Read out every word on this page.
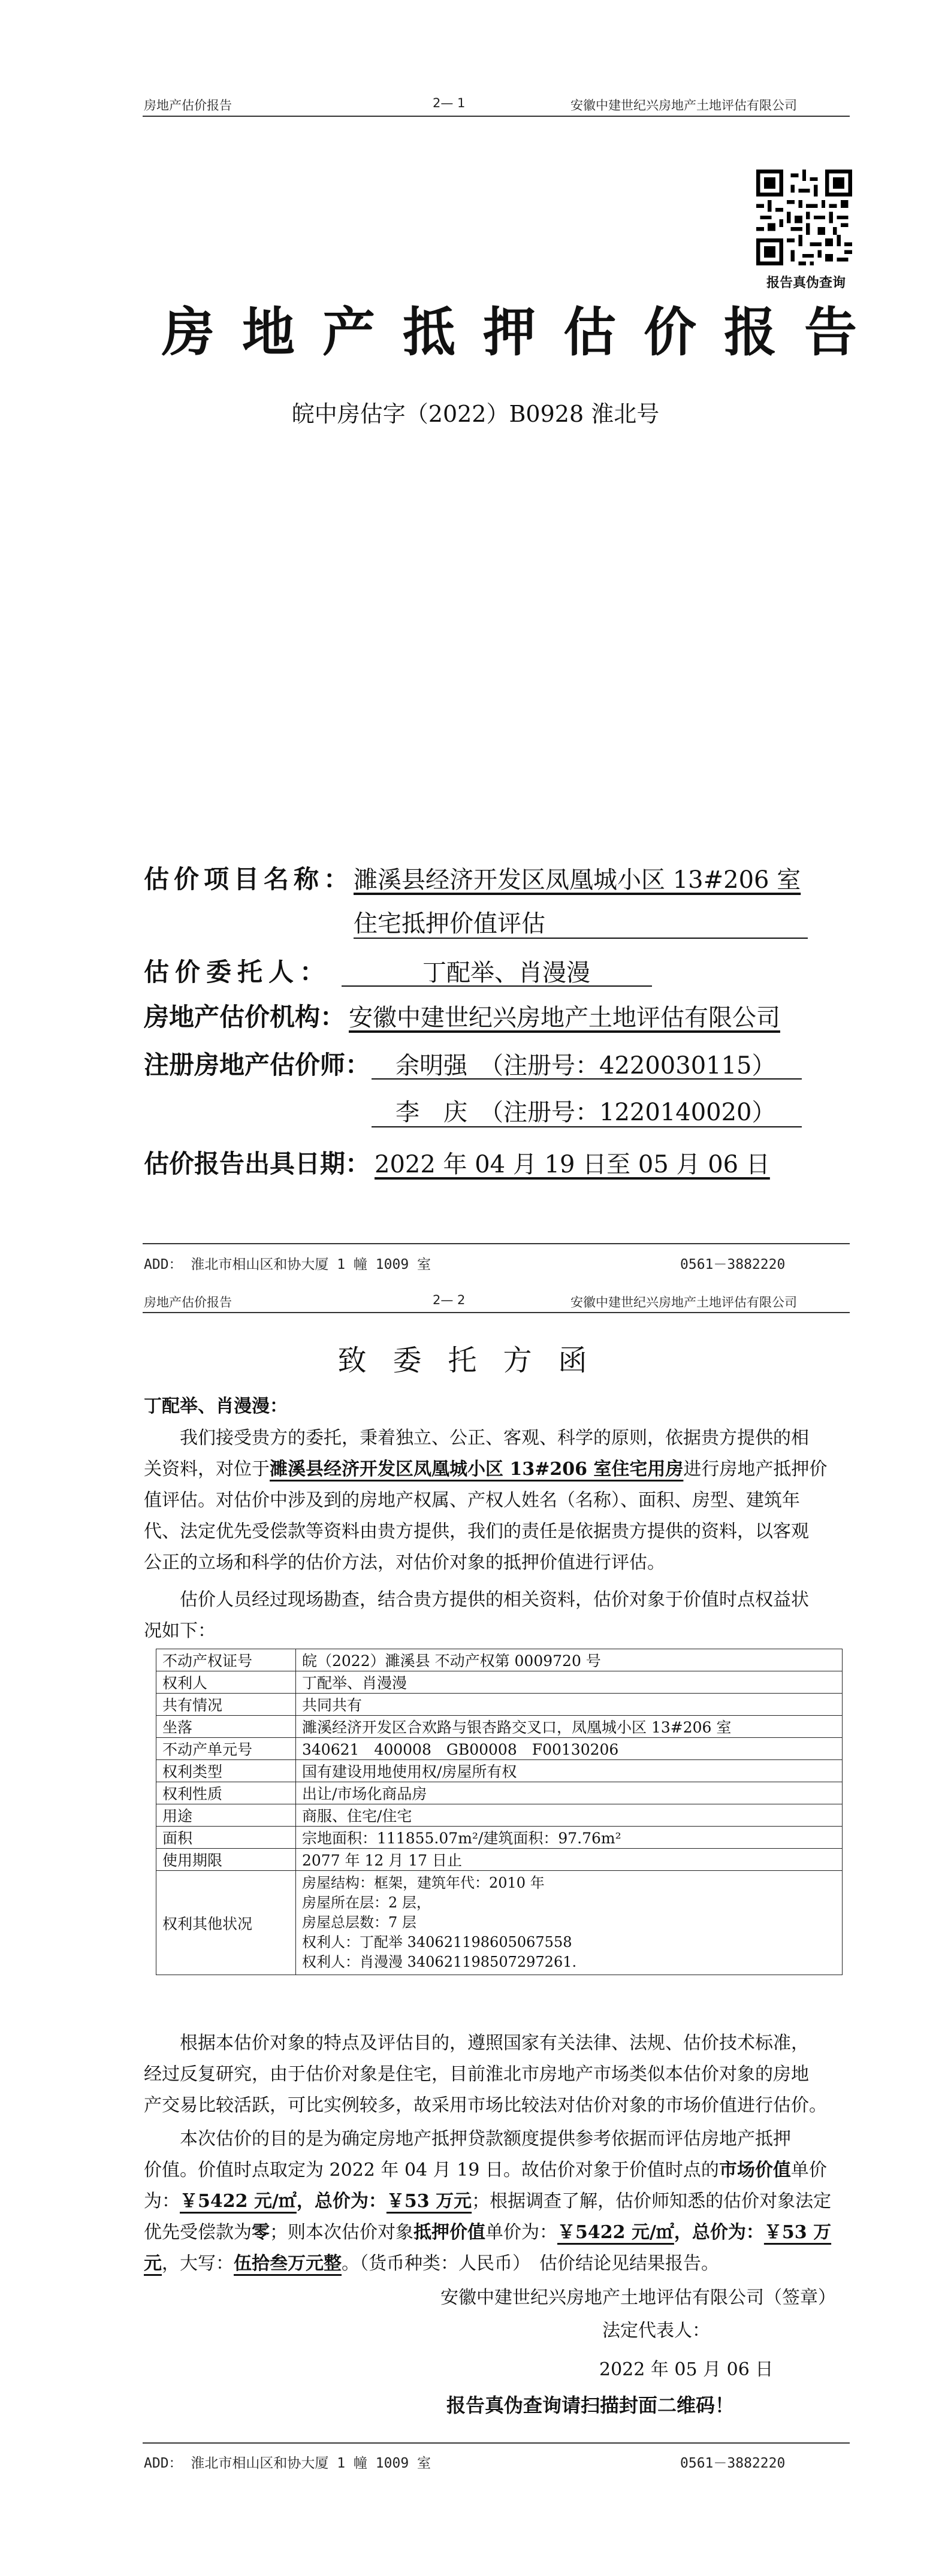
房地产估价报告	2— 1	安徽中建世纪兴房地产土地评估有限公司
报告真伪查询
房地产抵押估价报告
皖中房估字（2022）B0928 淮北号
估价项目名称： 濉溪县经济开发区凤凰城小区 13#206 室
住宅抵押价值评估
估价委托人：	丁配举、肖漫漫
房地产估价机构： 安徽中建世纪兴房地产土地评估有限公司
注册房地产估价师： 余明强　（注册号：4220030115）
李　庆　（注册号：1220140020）
估价报告出具日期： 2022 年 04 月 19 日至 05 月 06 日
ADD： 淮北市相山区和协大厦 1 幢 1009 室	0561－3882220
房地产估价报告	2— 2	安徽中建世纪兴房地产土地评估有限公司
致委托方函
丁配举、肖漫漫：
我们接受贵方的委托，秉着独立、公正、客观、科学的原则，依据贵方提供的相
关资料，对位于濉溪县经济开发区凤凰城小区 13#206 室住宅用房进行房地产抵押价
值评估。对估价中涉及到的房地产权属、产权人姓名（名称）、面积、房型、建筑年
代、法定优先受偿款等资料由贵方提供，我们的责任是依据贵方提供的资料，以客观
公正的立场和科学的估价方法，对估价对象的抵押价值进行评估。
估价人员经过现场勘查，结合贵方提供的相关资料，估价对象于价值时点权益状
况如下：
不动产权证号	皖（2022）濉溪县 不动产权第 0009720 号
权利人	丁配举、肖漫漫
共有情况	共同共有
坐落	濉溪经济开发区合欢路与银杏路交叉口，凤凰城小区 13#206 室
不动产单元号	340621　400008　GB00008　F00130206
权利类型	国有建设用地使用权/房屋所有权
权利性质	出让/市场化商品房
用途	商服、住宅/住宅
面积	宗地面积：111855.07m²/建筑面积：97.76m²
使用期限	2077 年 12 月 17 日止
权利其他状况	房屋结构：框架，建筑年代：2010 年
房屋所在层：2 层，
房屋总层数：7 层
权利人：丁配举 340621198605067558
权利人：肖漫漫 340621198507297261.
根据本估价对象的特点及评估目的，遵照国家有关法律、法规、估价技术标准，
经过反复研究，由于估价对象是住宅，目前淮北市房地产市场类似本估价对象的房地
产交易比较活跃，可比实例较多，故采用市场比较法对估价对象的市场价值进行估价。
本次估价的目的是为确定房地产抵押贷款额度提供参考依据而评估房地产抵押
价值。价值时点取定为 2022 年 04 月 19 日。故估价对象于价值时点的市场价值单价
为：￥5422 元/㎡，总价为：￥53 万元；根据调查了解，估价师知悉的估价对象法定
优先受偿款为零；则本次估价对象抵押价值单价为：￥5422 元/㎡，总价为：￥53 万
元，大写：伍拾叁万元整。（货币种类：人民币）　估价结论见结果报告。
安徽中建世纪兴房地产土地评估有限公司（签章）
法定代表人：
2022 年 05 月 06 日
报告真伪查询请扫描封面二维码！
ADD： 淮北市相山区和协大厦 1 幢 1009 室	0561－3882220
